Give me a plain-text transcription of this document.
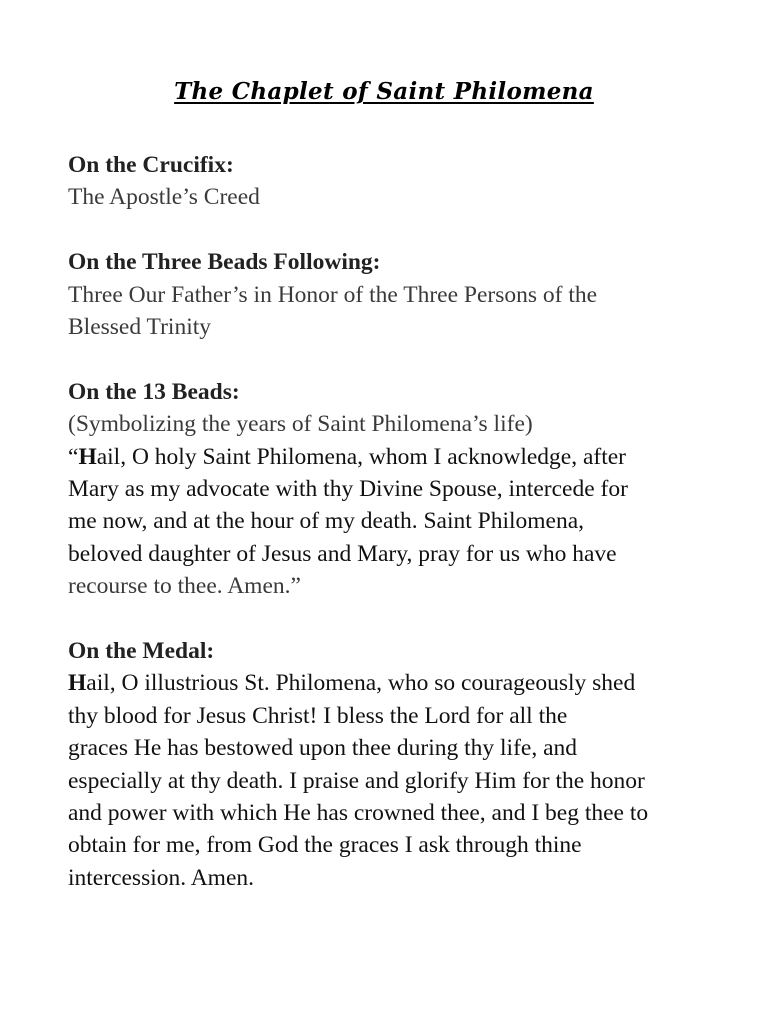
The Chaplet of Saint Philomena
On the Crucifix:
The Apostle’s Creed
On the Three Beads Following:
Three Our Father’s in Honor of the Three Persons of the
Blessed Trinity
On the 13 Beads:
(Symbolizing the years of Saint Philomena’s life)
“Hail, O holy Saint Philomena, whom I acknowledge, after
Mary as my advocate with thy Divine Spouse, intercede for
me now, and at the hour of my death. Saint Philomena,
beloved daughter of Jesus and Mary, pray for us who have
recourse to thee. Amen.”
On the Medal:
Hail, O illustrious St. Philomena, who so courageously shed
thy blood for Jesus Christ! I bless the Lord for all the
graces He has bestowed upon thee during thy life, and
especially at thy death. I praise and glorify Him for the honor
and power with which He has crowned thee, and I beg thee to
obtain for me, from God the graces I ask through thine
intercession. Amen.
